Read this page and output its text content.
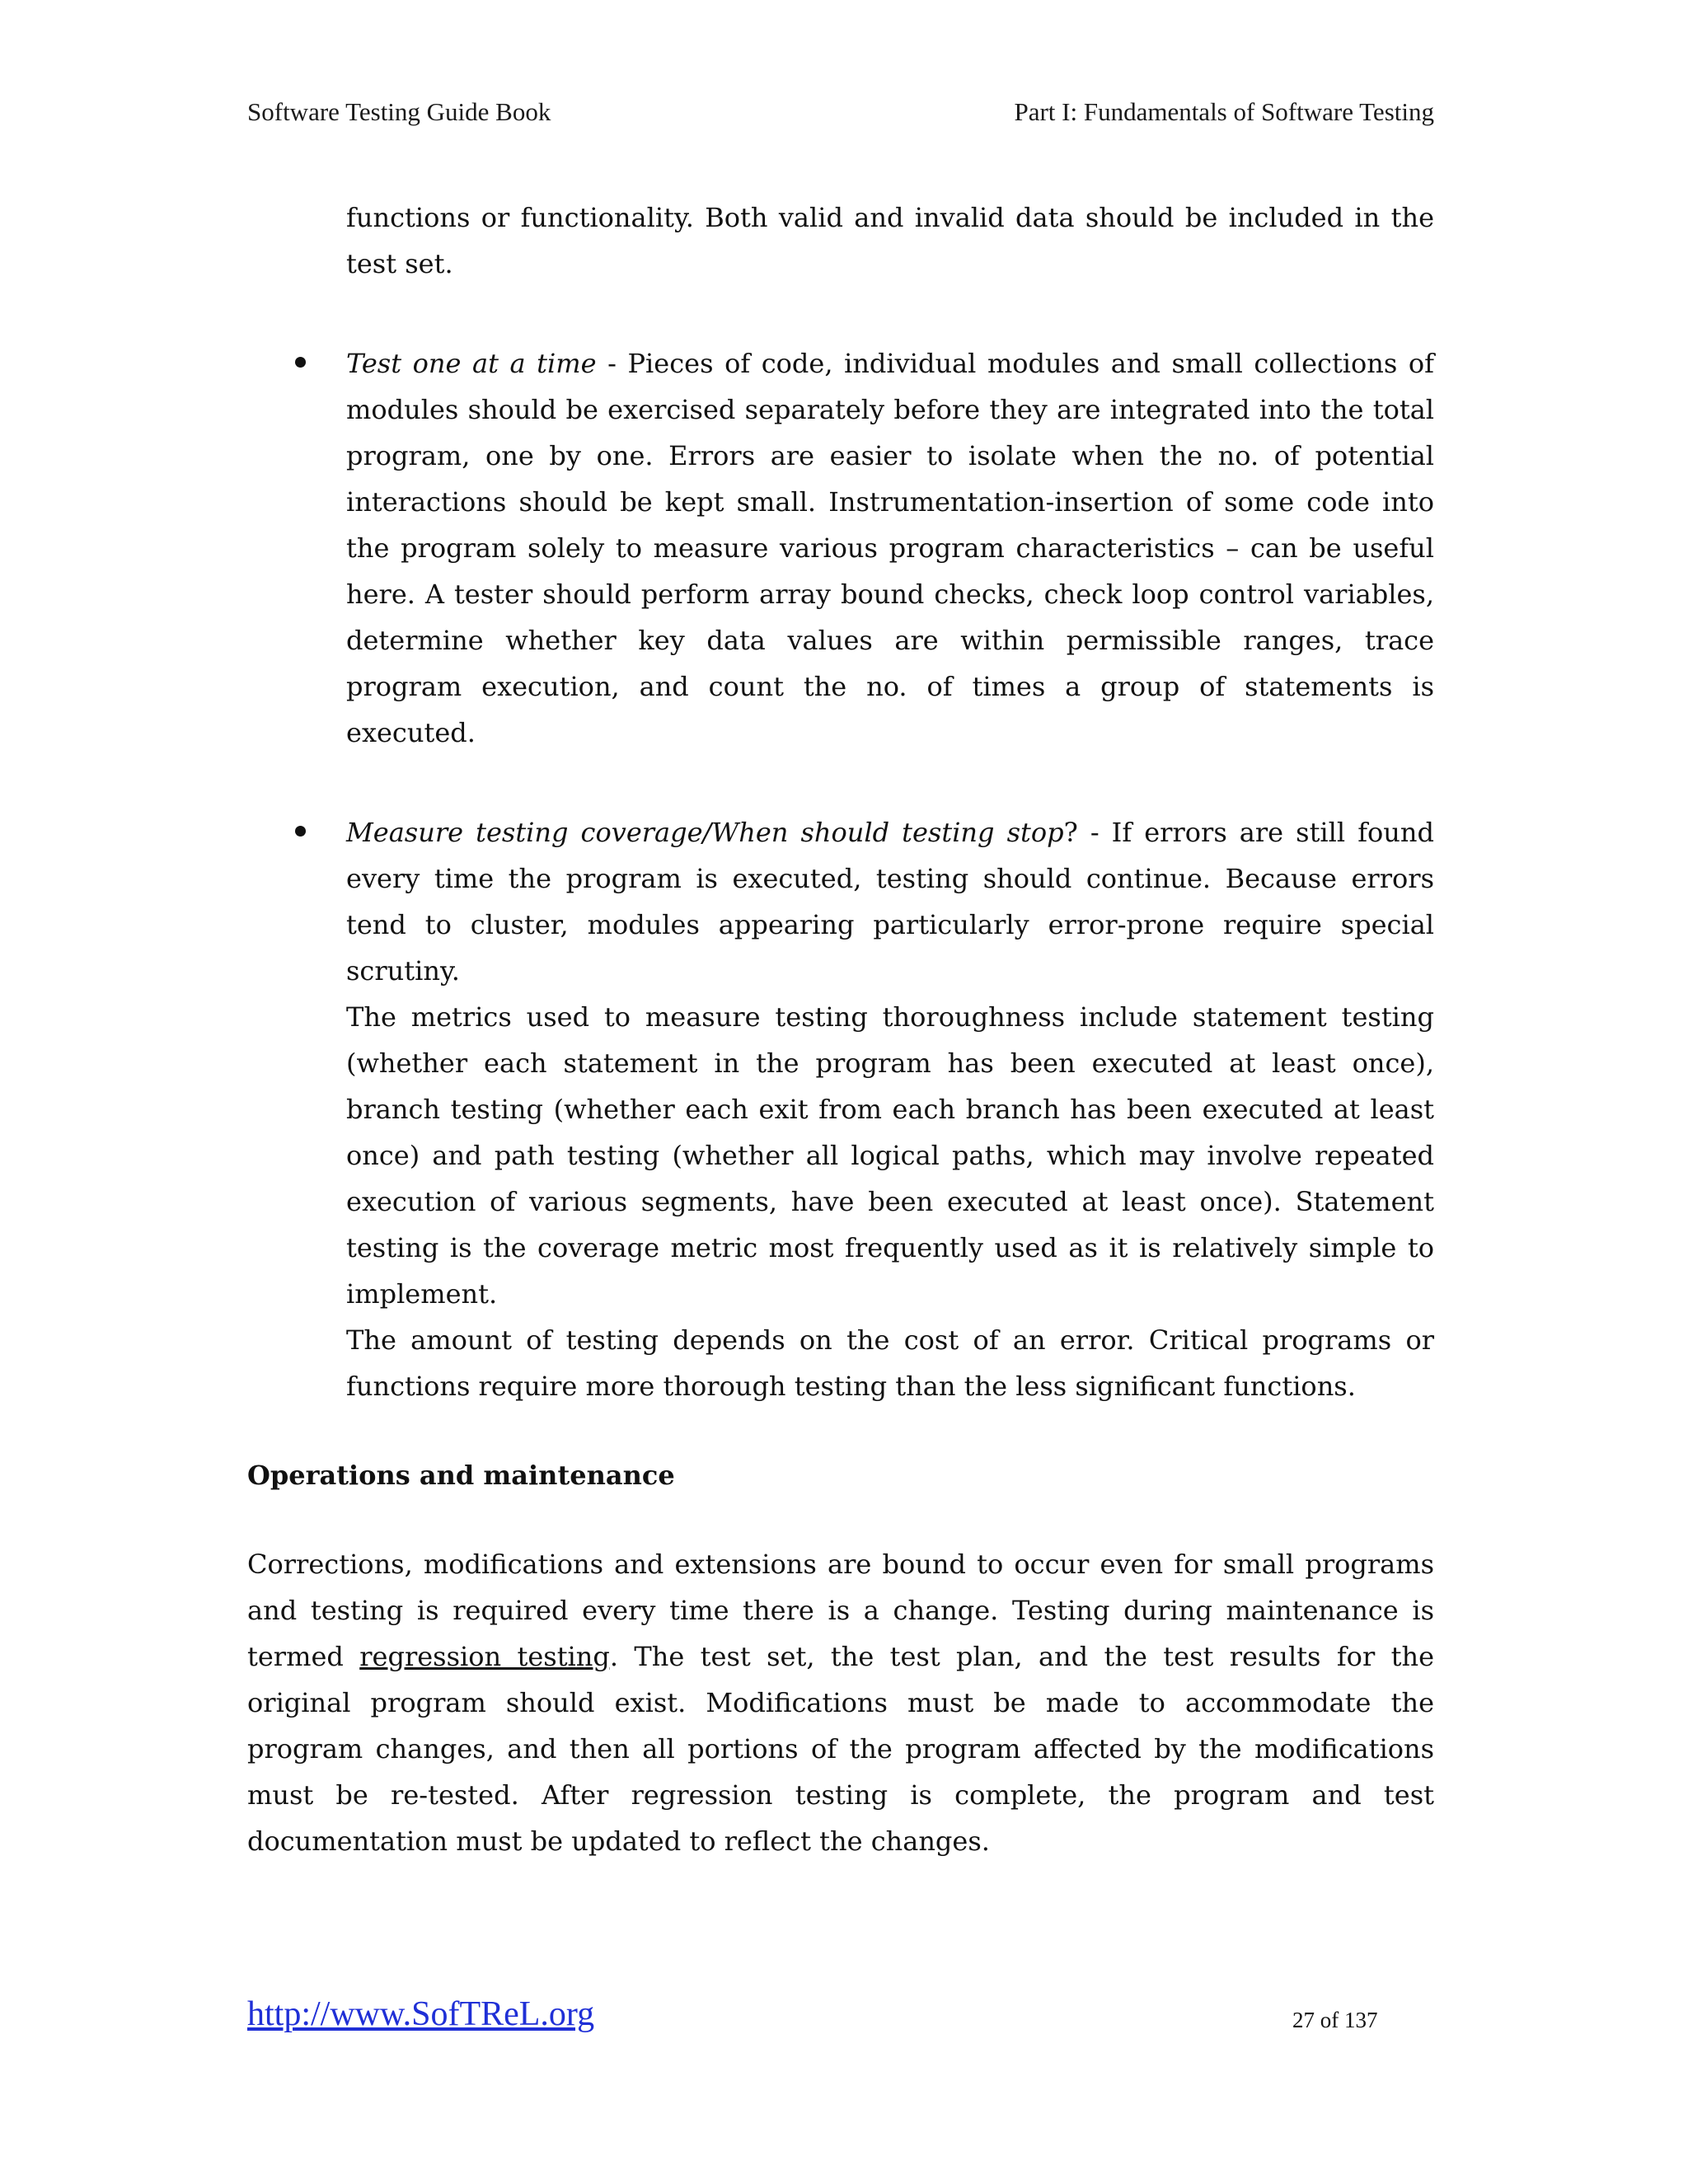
Software Testing Guide Book	Part I: Fundamentals of Software Testing

functions or functionality. Both valid and invalid data should be included in the test set.

Test one at a time - Pieces of code, individual modules and small collections of modules should be exercised separately before they are integrated into the total program, one by one. Errors are easier to isolate when the no. of potential interactions should be kept small. Instrumentation-insertion of some code into the program solely to measure various program characteristics – can be useful here. A tester should perform array bound checks, check loop control variables, determine whether key data values are within permissible ranges, trace program execution, and count the no. of times a group of statements is executed.

Measure testing coverage/When should testing stop? - If errors are still found every time the program is executed, testing should continue. Because errors tend to cluster, modules appearing particularly error-prone require special scrutiny.

The metrics used to measure testing thoroughness include statement testing (whether each statement in the program has been executed at least once), branch testing (whether each exit from each branch has been executed at least once) and path testing (whether all logical paths, which may involve repeated execution of various segments, have been executed at least once). Statement testing is the coverage metric most frequently used as it is relatively simple to implement.

The amount of testing depends on the cost of an error. Critical programs or functions require more thorough testing than the less significant functions.

Operations and maintenance

Corrections, modifications and extensions are bound to occur even for small programs and testing is required every time there is a change. Testing during maintenance is termed regression testing. The test set, the test plan, and the test results for the original program should exist. Modifications must be made to accommodate the program changes, and then all portions of the program affected by the modifications must be re-tested. After regression testing is complete, the program and test documentation must be updated to reflect the changes.

http://www.SofTReL.org	27 of 137
